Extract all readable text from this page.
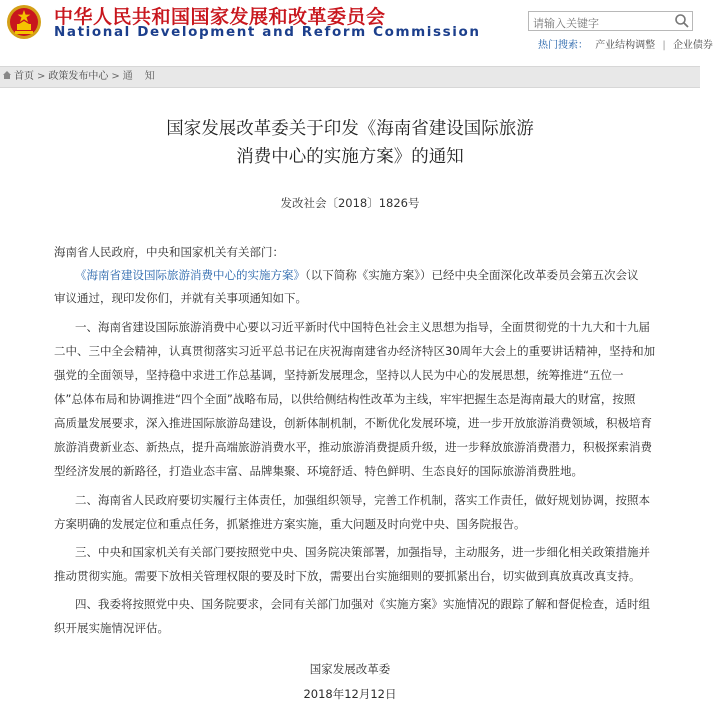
中华人民共和国国家发展和改革委员会
National Development and Reform Commission
请输入关键字
热门搜索： 产业结构调整 | 企业债券
首页 > 政策发布中心 > 通知
国家发展改革委关于印发《海南省建设国际旅游
消费中心的实施方案》的通知
发改社会〔2018〕1826号
海南省人民政府，中央和国家机关有关部门：
《海南省建设国际旅游消费中心的实施方案》（以下简称《实施方案》）已经中央全面深化改革委员会第五次会议
审议通过，现印发你们，并就有关事项通知如下。
一、海南省建设国际旅游消费中心要以习近平新时代中国特色社会主义思想为指导，全面贯彻党的十九大和十九届
二中、三中全会精神，认真贯彻落实习近平总书记在庆祝海南建省办经济特区30周年大会上的重要讲话精神，坚持和加
强党的全面领导，坚持稳中求进工作总基调，坚持新发展理念，坚持以人民为中心的发展思想，统筹推进“五位一
体”总体布局和协调推进“四个全面”战略布局，以供给侧结构性改革为主线，牢牢把握生态是海南最大的财富，按照
高质量发展要求，深入推进国际旅游岛建设，创新体制机制，不断优化发展环境，进一步开放旅游消费领域，积极培育
旅游消费新业态、新热点，提升高端旅游消费水平，推动旅游消费提质升级，进一步释放旅游消费潜力，积极探索消费
型经济发展的新路径，打造业态丰富、品牌集聚、环境舒适、特色鲜明、生态良好的国际旅游消费胜地。
二、海南省人民政府要切实履行主体责任，加强组织领导，完善工作机制，落实工作责任，做好规划协调，按照本
方案明确的发展定位和重点任务，抓紧推进方案实施，重大问题及时向党中央、国务院报告。
三、中央和国家机关有关部门要按照党中央、国务院决策部署，加强指导，主动服务，进一步细化相关政策措施并
推动贯彻实施。需要下放相关管理权限的要及时下放，需要出台实施细则的要抓紧出台，切实做到真放真改真支持。
四、我委将按照党中央、国务院要求，会同有关部门加强对《实施方案》实施情况的跟踪了解和督促检查，适时组
织开展实施情况评估。
国家发展改革委
2018年12月12日
